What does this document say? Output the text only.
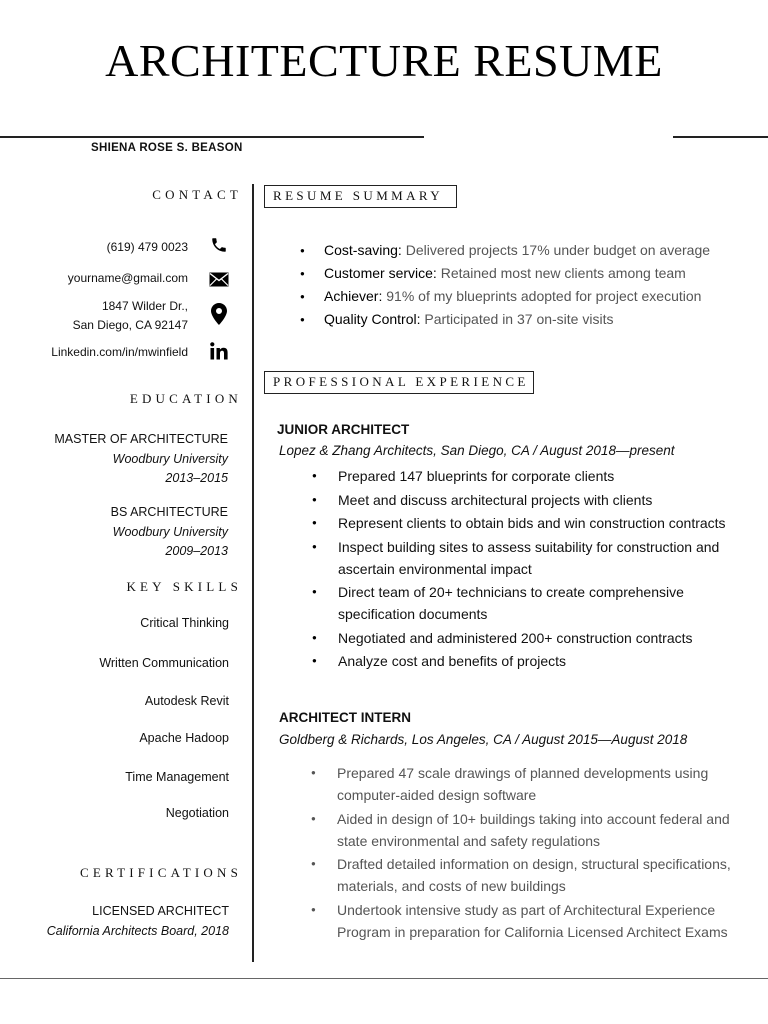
ARCHITECTURE RESUME
SHIENA ROSE S. BEASON
CONTACT
(619) 479 0023
yourname@gmail.com
1847 Wilder Dr.,
San Diego, CA 92147
Linkedin.com/in/mwinfield
EDUCATION
MASTER OF ARCHITECTURE
Woodbury University
2013–2015
BS ARCHITECTURE
Woodbury University
2009–2013
KEY SKILLS
Critical Thinking
Written Communication
Autodesk Revit
Apache Hadoop
Time Management
Negotiation
CERTIFICATIONS
LICENSED ARCHITECT
California Architects Board, 2018
RESUME SUMMARY
● Cost-saving: Delivered projects 17% under budget on average
● Customer service: Retained most new clients among team
● Achiever: 91% of my blueprints adopted for project execution
● Quality Control: Participated in 37 on-site visits
PROFESSIONAL EXPERIENCE
JUNIOR ARCHITECT
Lopez & Zhang Architects, San Diego, CA / August 2018—present
● Prepared 147 blueprints for corporate clients
● Meet and discuss architectural projects with clients
● Represent clients to obtain bids and win construction contracts
● Inspect building sites to assess suitability for construction and ascertain environmental impact
● Direct team of 20+ technicians to create comprehensive specification documents
● Negotiated and administered 200+ construction contracts
● Analyze cost and benefits of projects
ARCHITECT INTERN
Goldberg & Richards, Los Angeles, CA / August 2015—August 2018
● Prepared 47 scale drawings of planned developments using computer-aided design software
● Aided in design of 10+ buildings taking into account federal and state environmental and safety regulations
● Drafted detailed information on design, structural specifications, materials, and costs of new buildings
● Undertook intensive study as part of Architectural Experience Program in preparation for California Licensed Architect Exams
